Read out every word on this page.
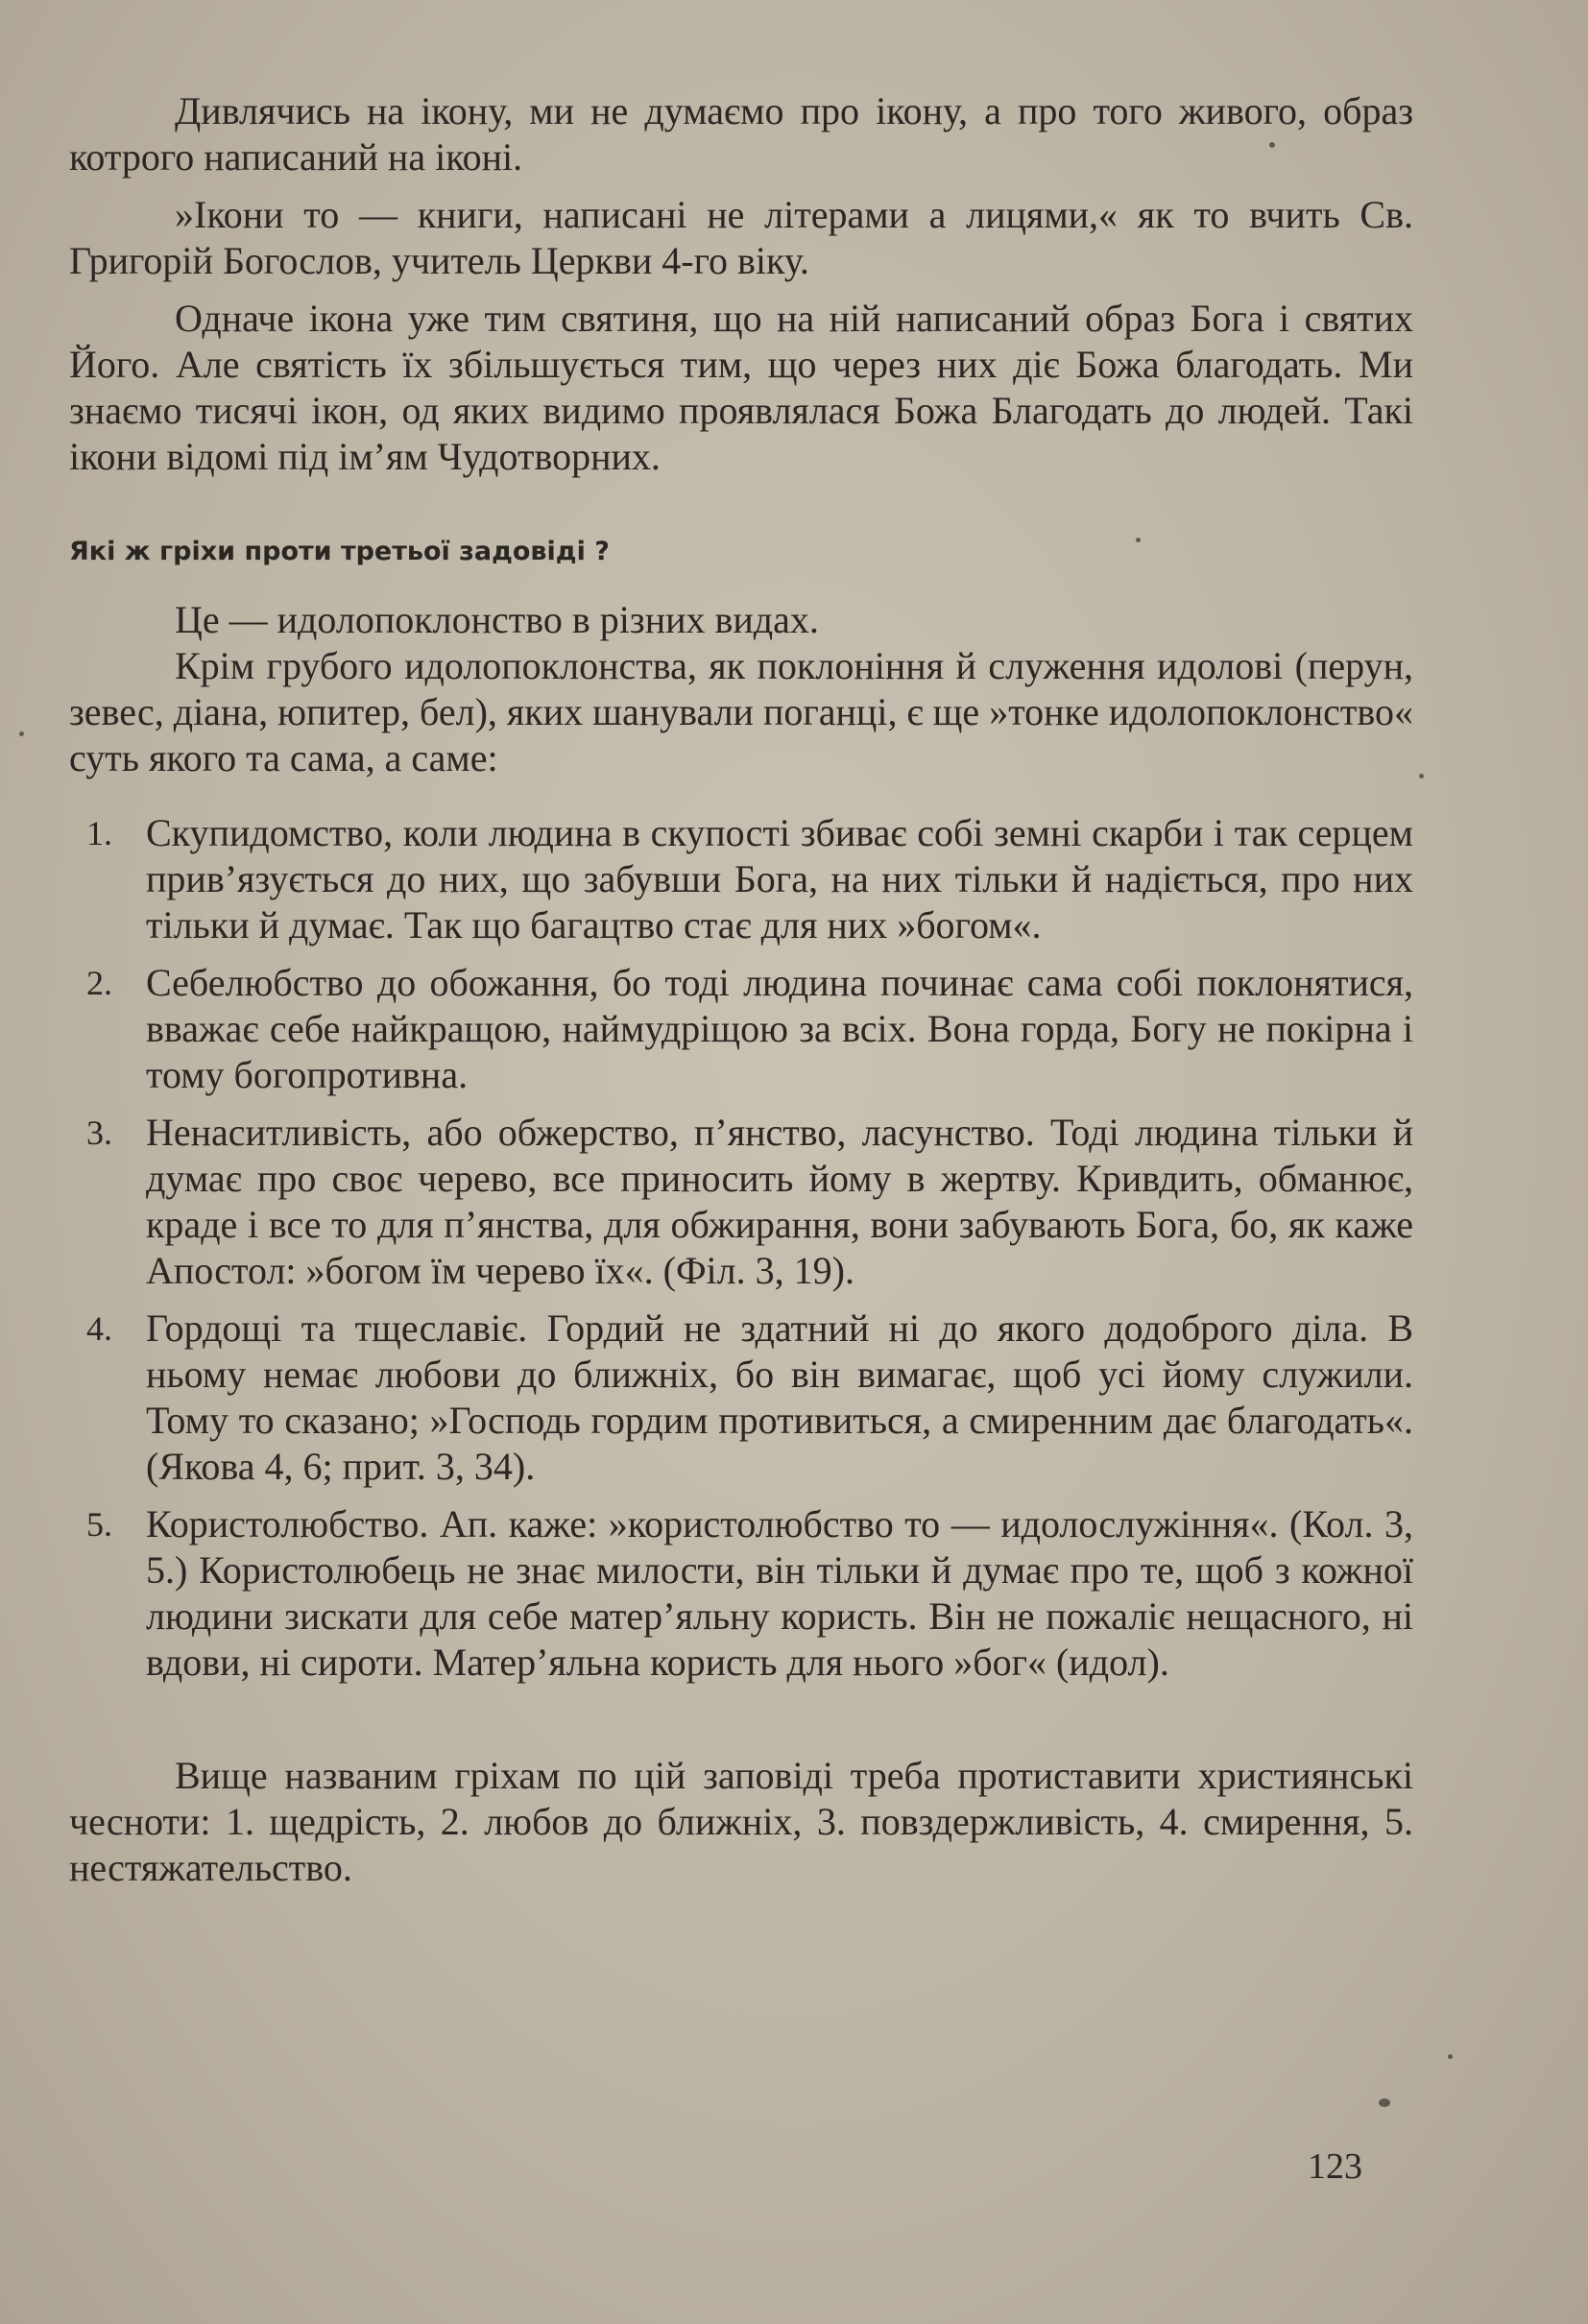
Дивлячись на ікону, ми не думаємо про ікону, а про того живого, образ котрого написаний на іконі.

»Ікони то — книги, написані не літерами а лицями,« як то вчить Св. Григорій Богослов, учитель Церкви 4-го віку.

Одначе ікона уже тим святиня, що на ній написаний образ Бога і святих Його. Але святість їх збільшується тим, що через них діє Божа благодать. Ми знаємо тисячі ікон, од яких видимо проявлялася Божа Благодать до людей. Такі ікони відомі під ім’ям Чудотворних.

Які ж гріхи проти третьої задовіді ?

Це — идолопоклонство в різних видах.

Крім грубого идолопоклонства, як поклоніння й служення идолові (перун, зевес, діана, юпитер, бел), яких шанували поганці, є ще »тонке идолопоклонство« суть якого та сама, а саме:

1. Скупидомство, коли людина в скупості збиває собі земні скарби і так серцем прив’язується до них, що забувши Бога, на них тільки й надіється, про них тільки й думає. Так що багацтво стає для них »богом«.
2. Себелюбство до обожання, бо тоді людина починає сама собі поклонятися, вважає себе найкращою, наймудріщою за всіх. Вона горда, Богу не покірна і тому богопротивна.
3. Ненаситливість, або обжерство, п’янство, ласунство. Тоді людина тільки й думає про своє черево, все приносить йому в жертву. Кривдить, обманює, краде і все то для п’янства, для обжирання, вони забувають Бога, бо, як каже Апостол: »богом їм черево їх«. (Філ. 3, 19).
4. Гордощі та тщеславіє. Гордий не здатний ні до якого додоброго діла. В ньому немає любови до ближніх, бо він вимагає, щоб усі йому служили. Тому то сказано; »Господь гордим противиться, а смиренним дає благодать«. (Якова 4, 6; прит. 3, 34).
5. Користолюбство. Ап. каже: »користолюбство то — идолослужіння«. (Кол. 3, 5.) Користолюбець не знає милости, він тільки й думає про те, щоб з кожної людини зискати для себе матер’яльну користь. Він не пожаліє нещасного, ні вдови, ні сироти. Матер’яльна користь для нього »бог« (идол).

Вище названим гріхам по цій заповіді треба протиставити християнські чесноти: 1. щедрість, 2. любов до ближніх, 3. повздержливість, 4. смирення, 5. нестяжательство.

123
